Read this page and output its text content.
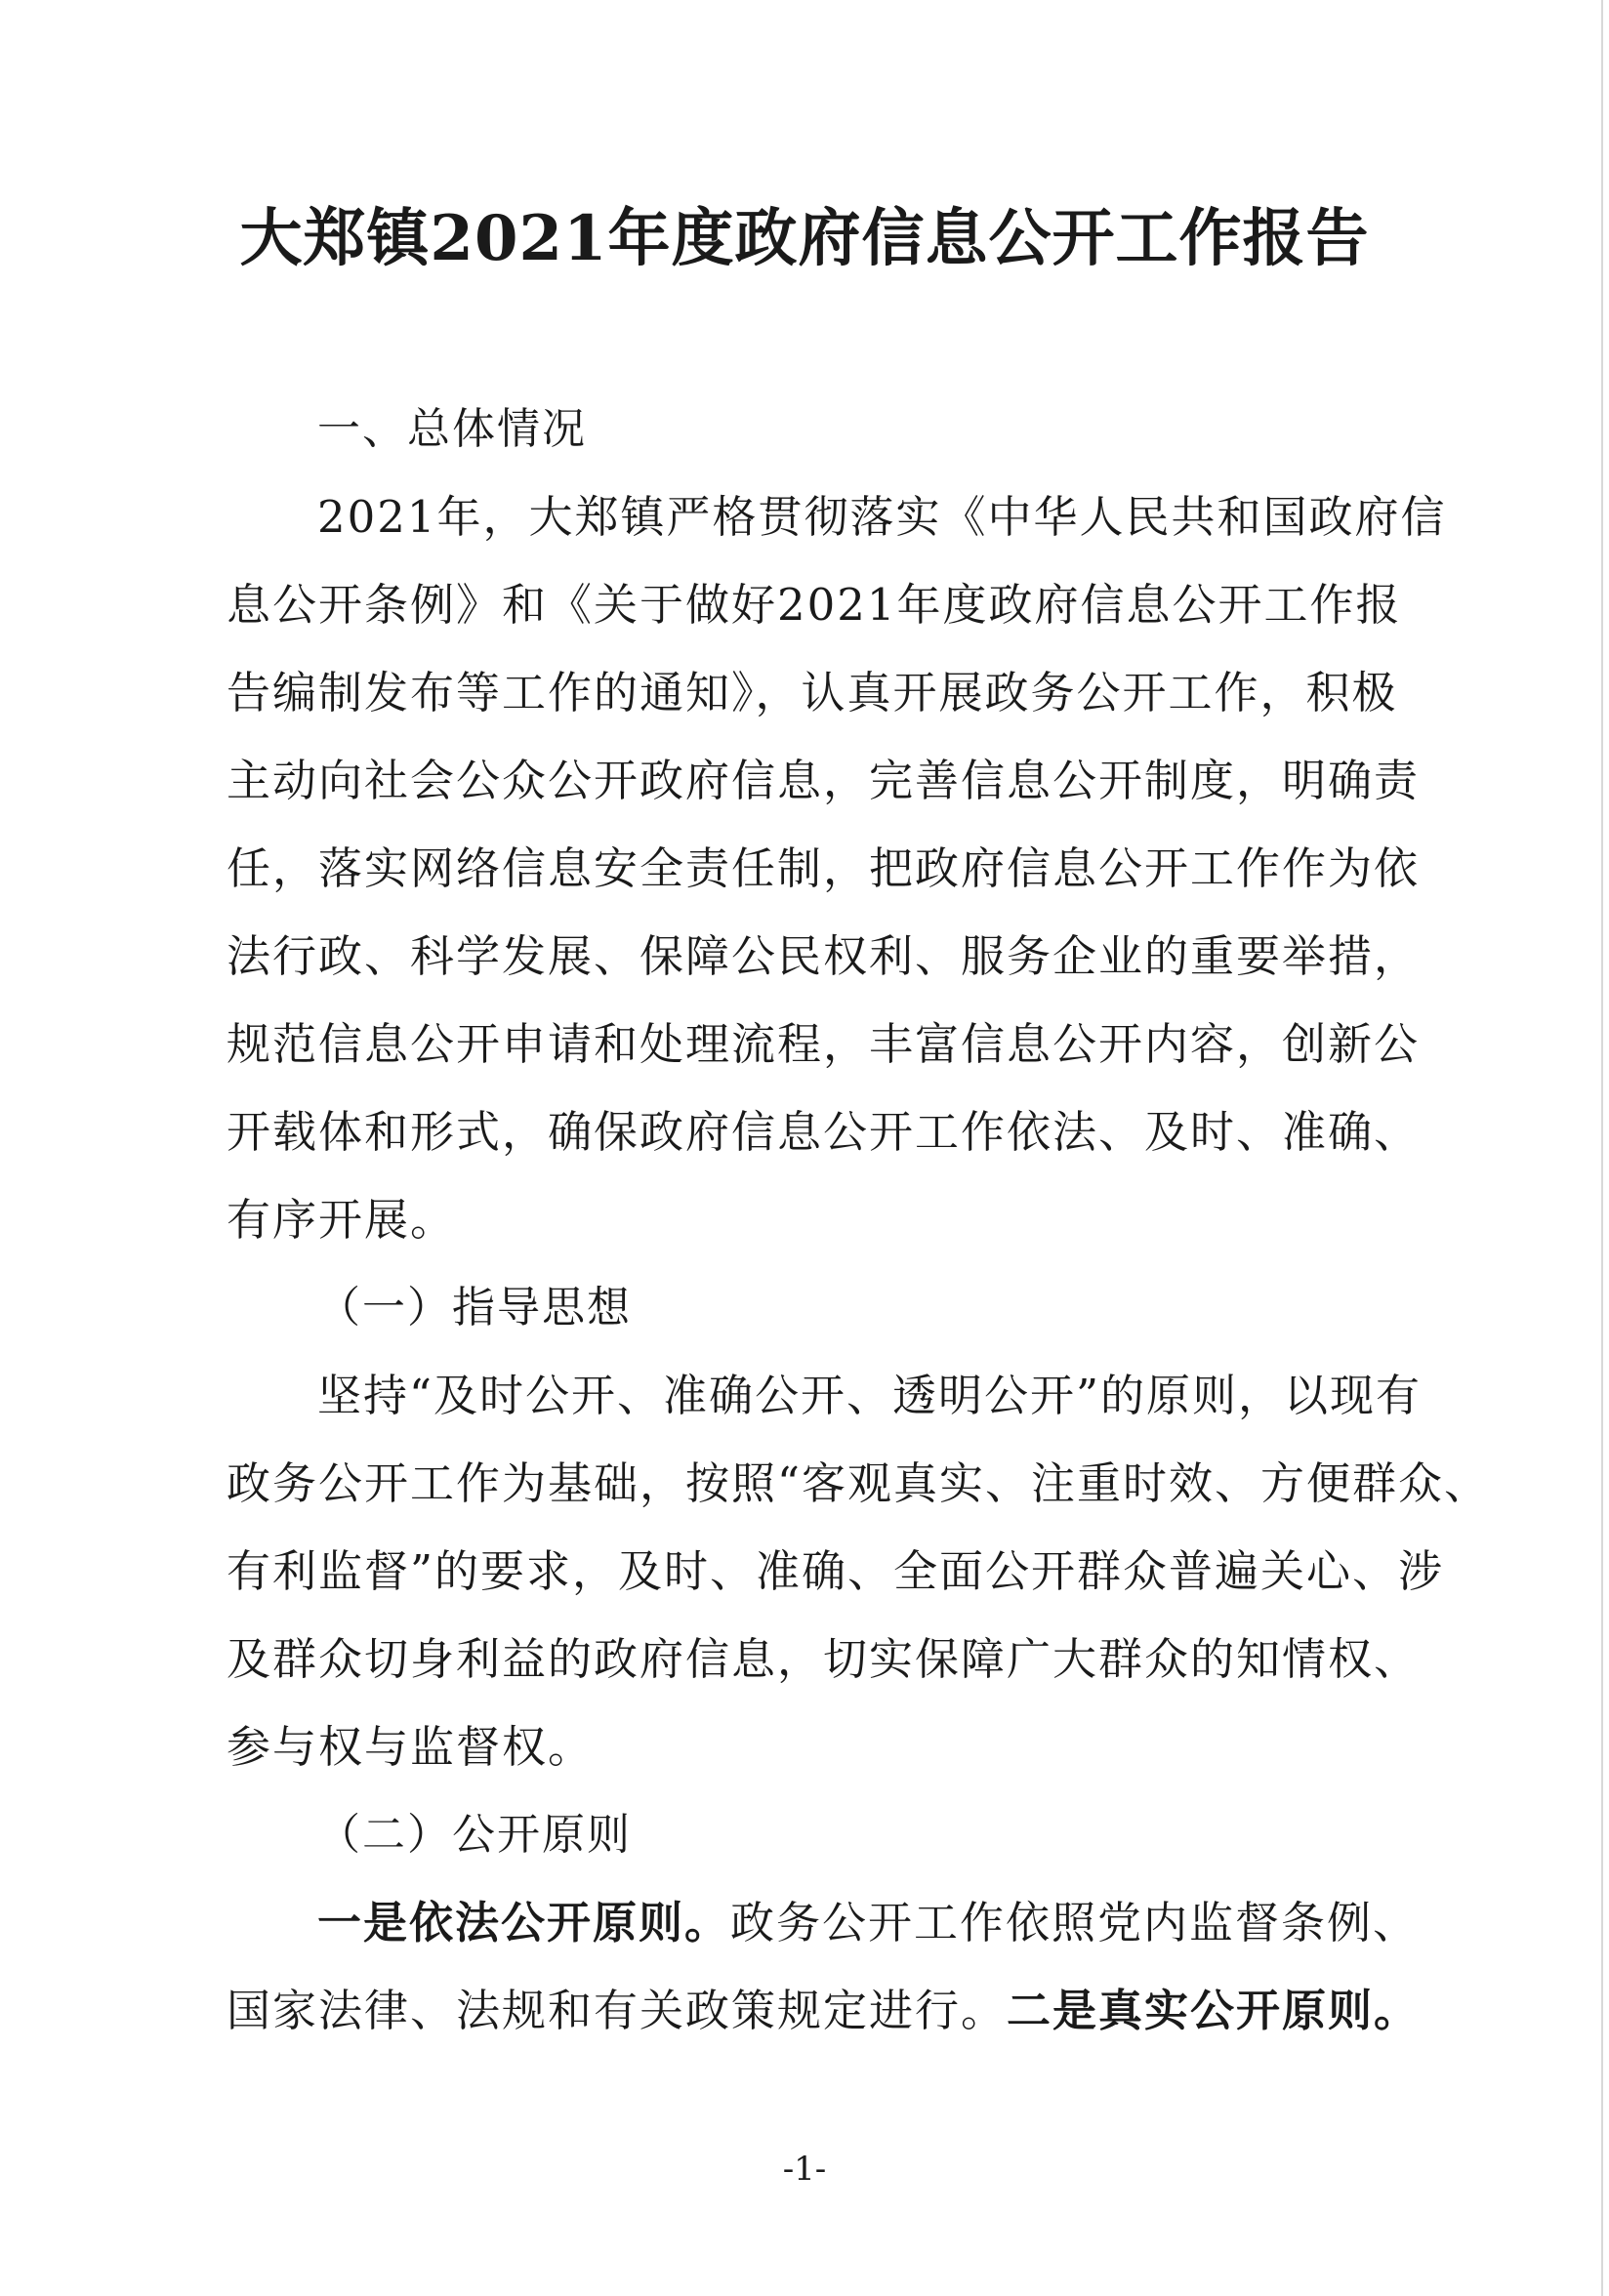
大郑镇2021年度政府信息公开工作报告
一、总体情况
2021年，大郑镇严格贯彻落实《中华人民共和国政府信
息公开条例》和《关于做好2021年度政府信息公开工作报
告编制发布等工作的通知》，认真开展政务公开工作，积极
主动向社会公众公开政府信息，完善信息公开制度，明确责
任，落实网络信息安全责任制，把政府信息公开工作作为依
法行政、科学发展、保障公民权利、服务企业的重要举措，
规范信息公开申请和处理流程，丰富信息公开内容，创新公
开载体和形式，确保政府信息公开工作依法、及时、准确、
有序开展。
（一）指导思想
坚持“及时公开、准确公开、透明公开”的原则，以现有
政务公开工作为基础，按照“客观真实、注重时效、方便群众、
有利监督”的要求，及时、准确、全面公开群众普遍关心、涉
及群众切身利益的政府信息，切实保障广大群众的知情权、
参与权与监督权。
（二）公开原则
一是依法公开原则。政务公开工作依照党内监督条例、
国家法律、法规和有关政策规定进行。二是真实公开原则。
-1-
